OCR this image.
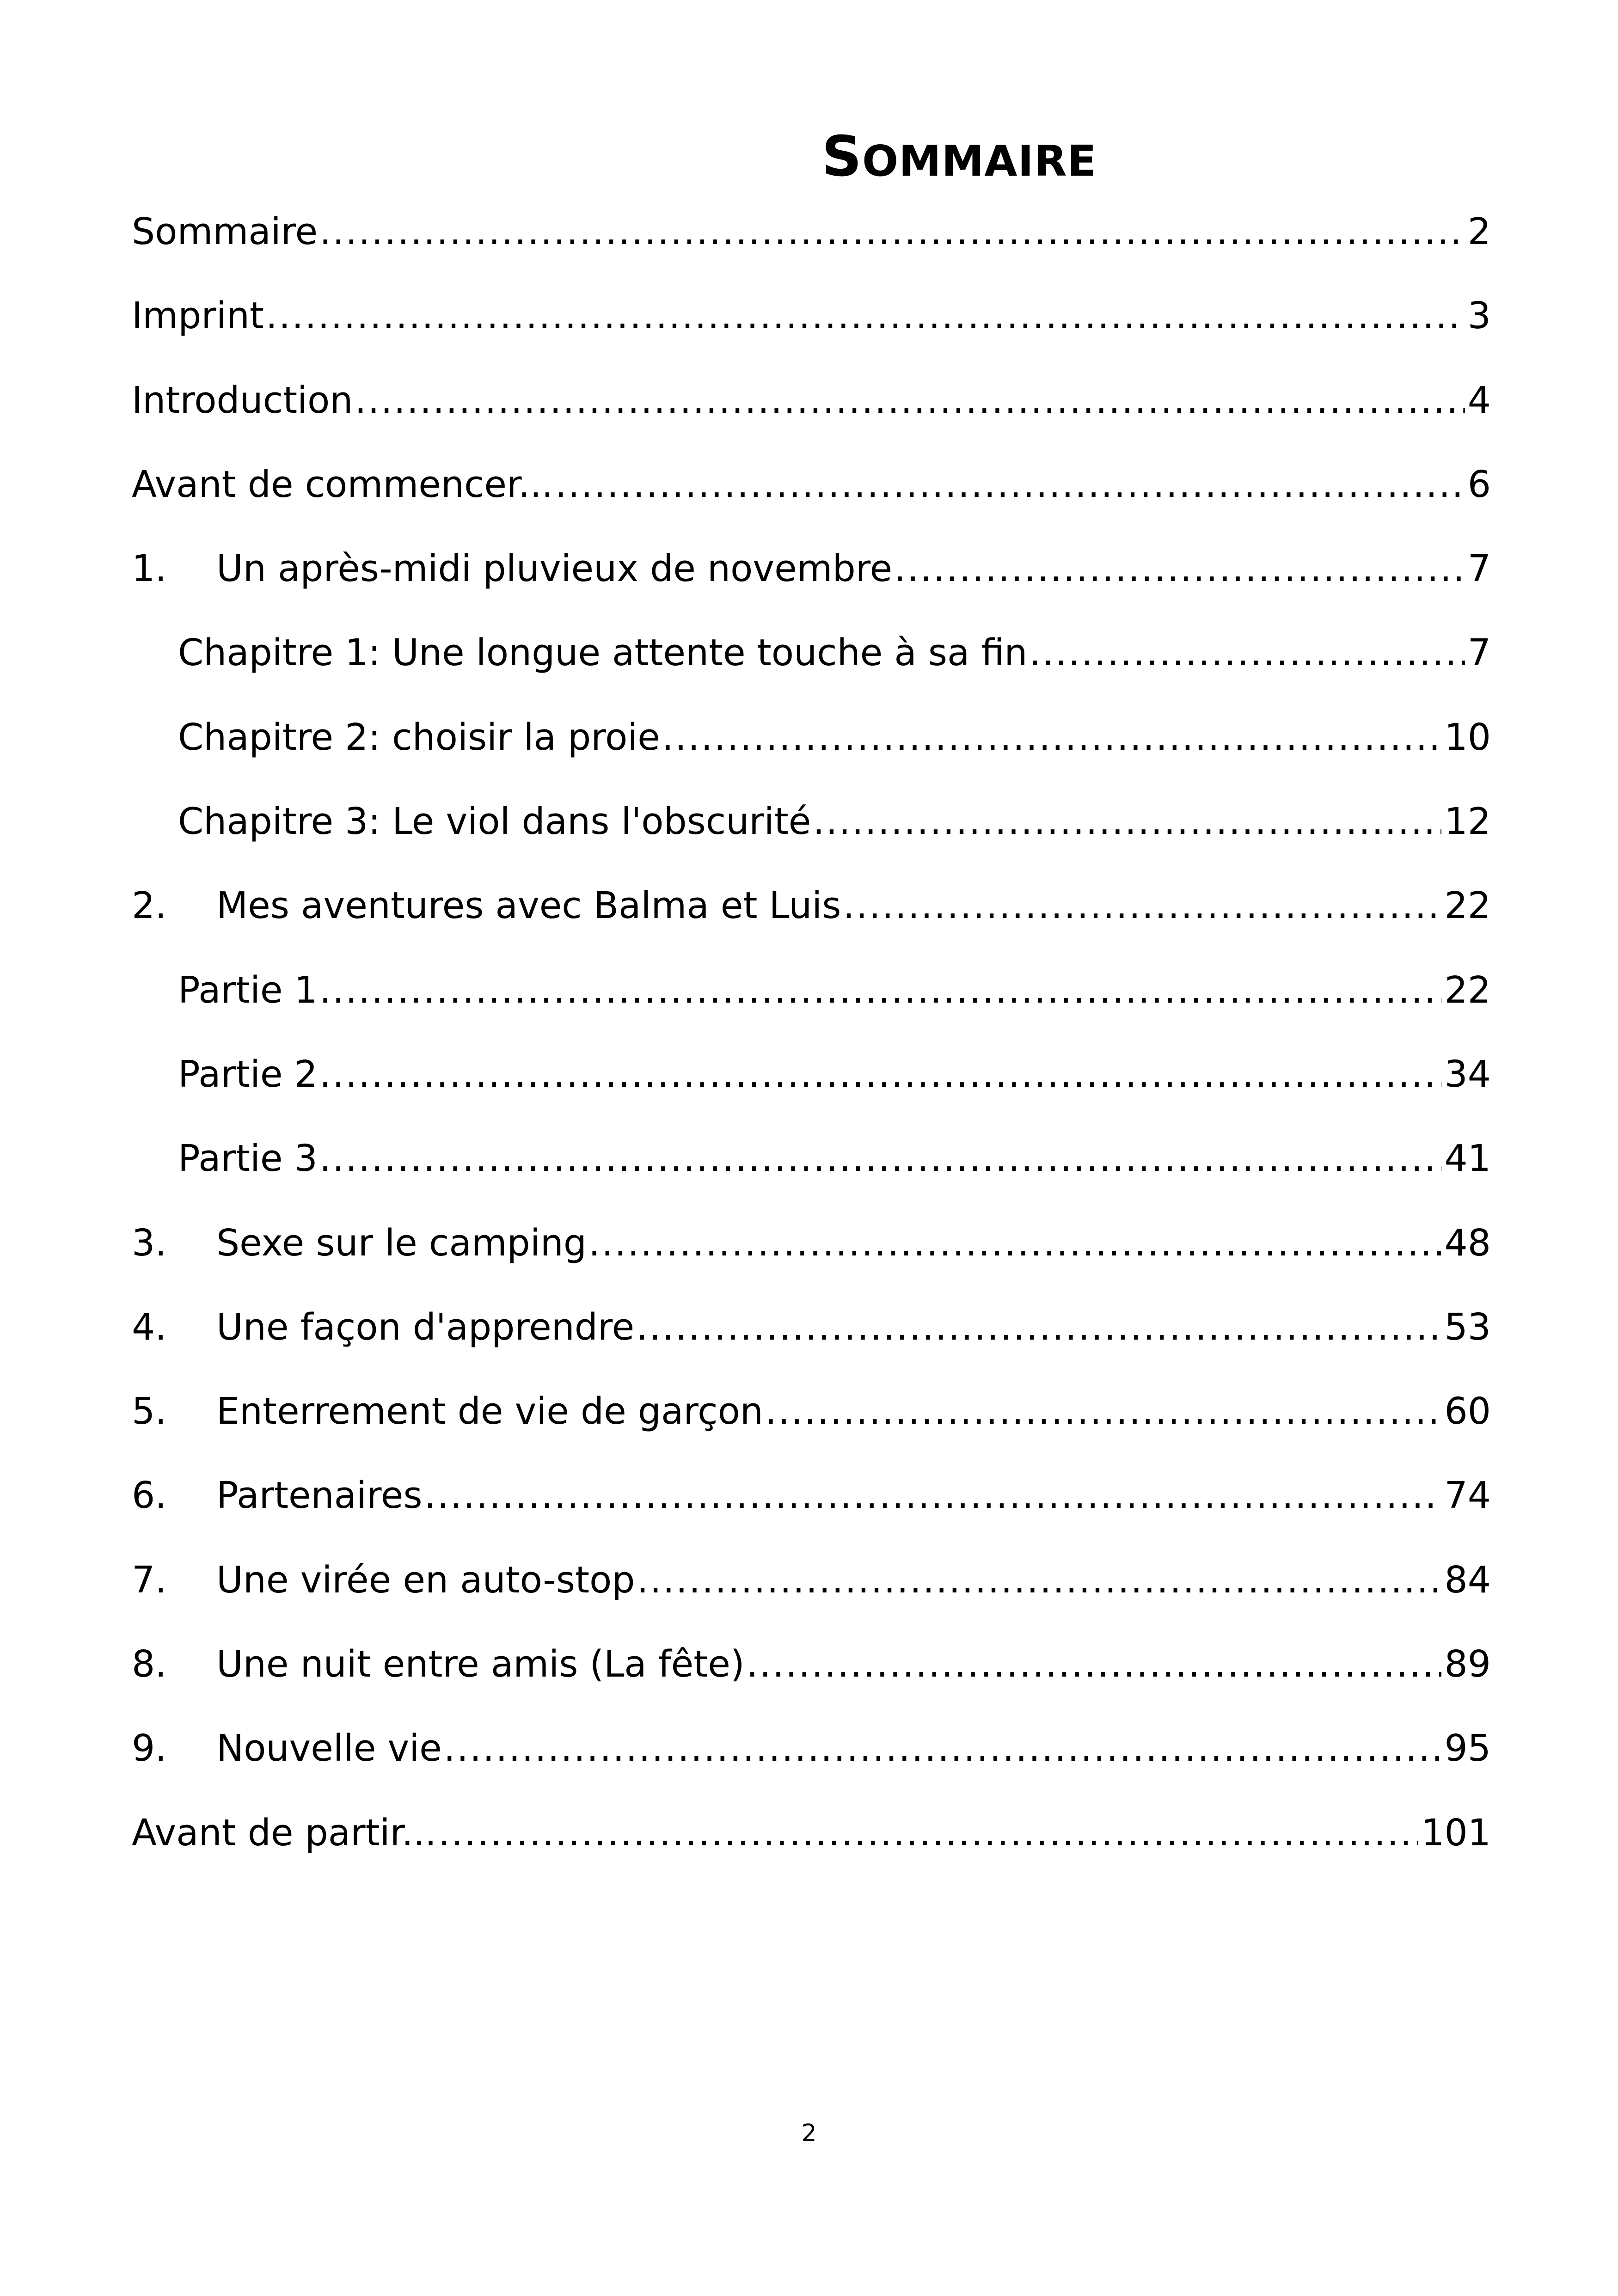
SOMMAIRE
Sommaire .....	2
Imprint .....	3
Introduction .....	4
Avant de commencer... .....	6
1.	Un après-midi pluvieux de novembre .....	7
Chapitre 1: Une longue attente touche à sa fin .....	7
Chapitre 2: choisir la proie .....	10
Chapitre 3: Le viol dans l'obscurité .....	12
2.	Mes aventures avec Balma et Luis .....	22
Partie 1 .....	22
Partie 2 .....	34
Partie 3 .....	41
3.	Sexe sur le camping .....	48
4.	Une façon d'apprendre .....	53
5.	Enterrement de vie de garçon .....	60
6.	Partenaires .....	74
7.	Une virée en auto-stop .....	84
8.	Une nuit entre amis (La fête) .....	89
9.	Nouvelle vie .....	95
Avant de partir... .....	101
2
